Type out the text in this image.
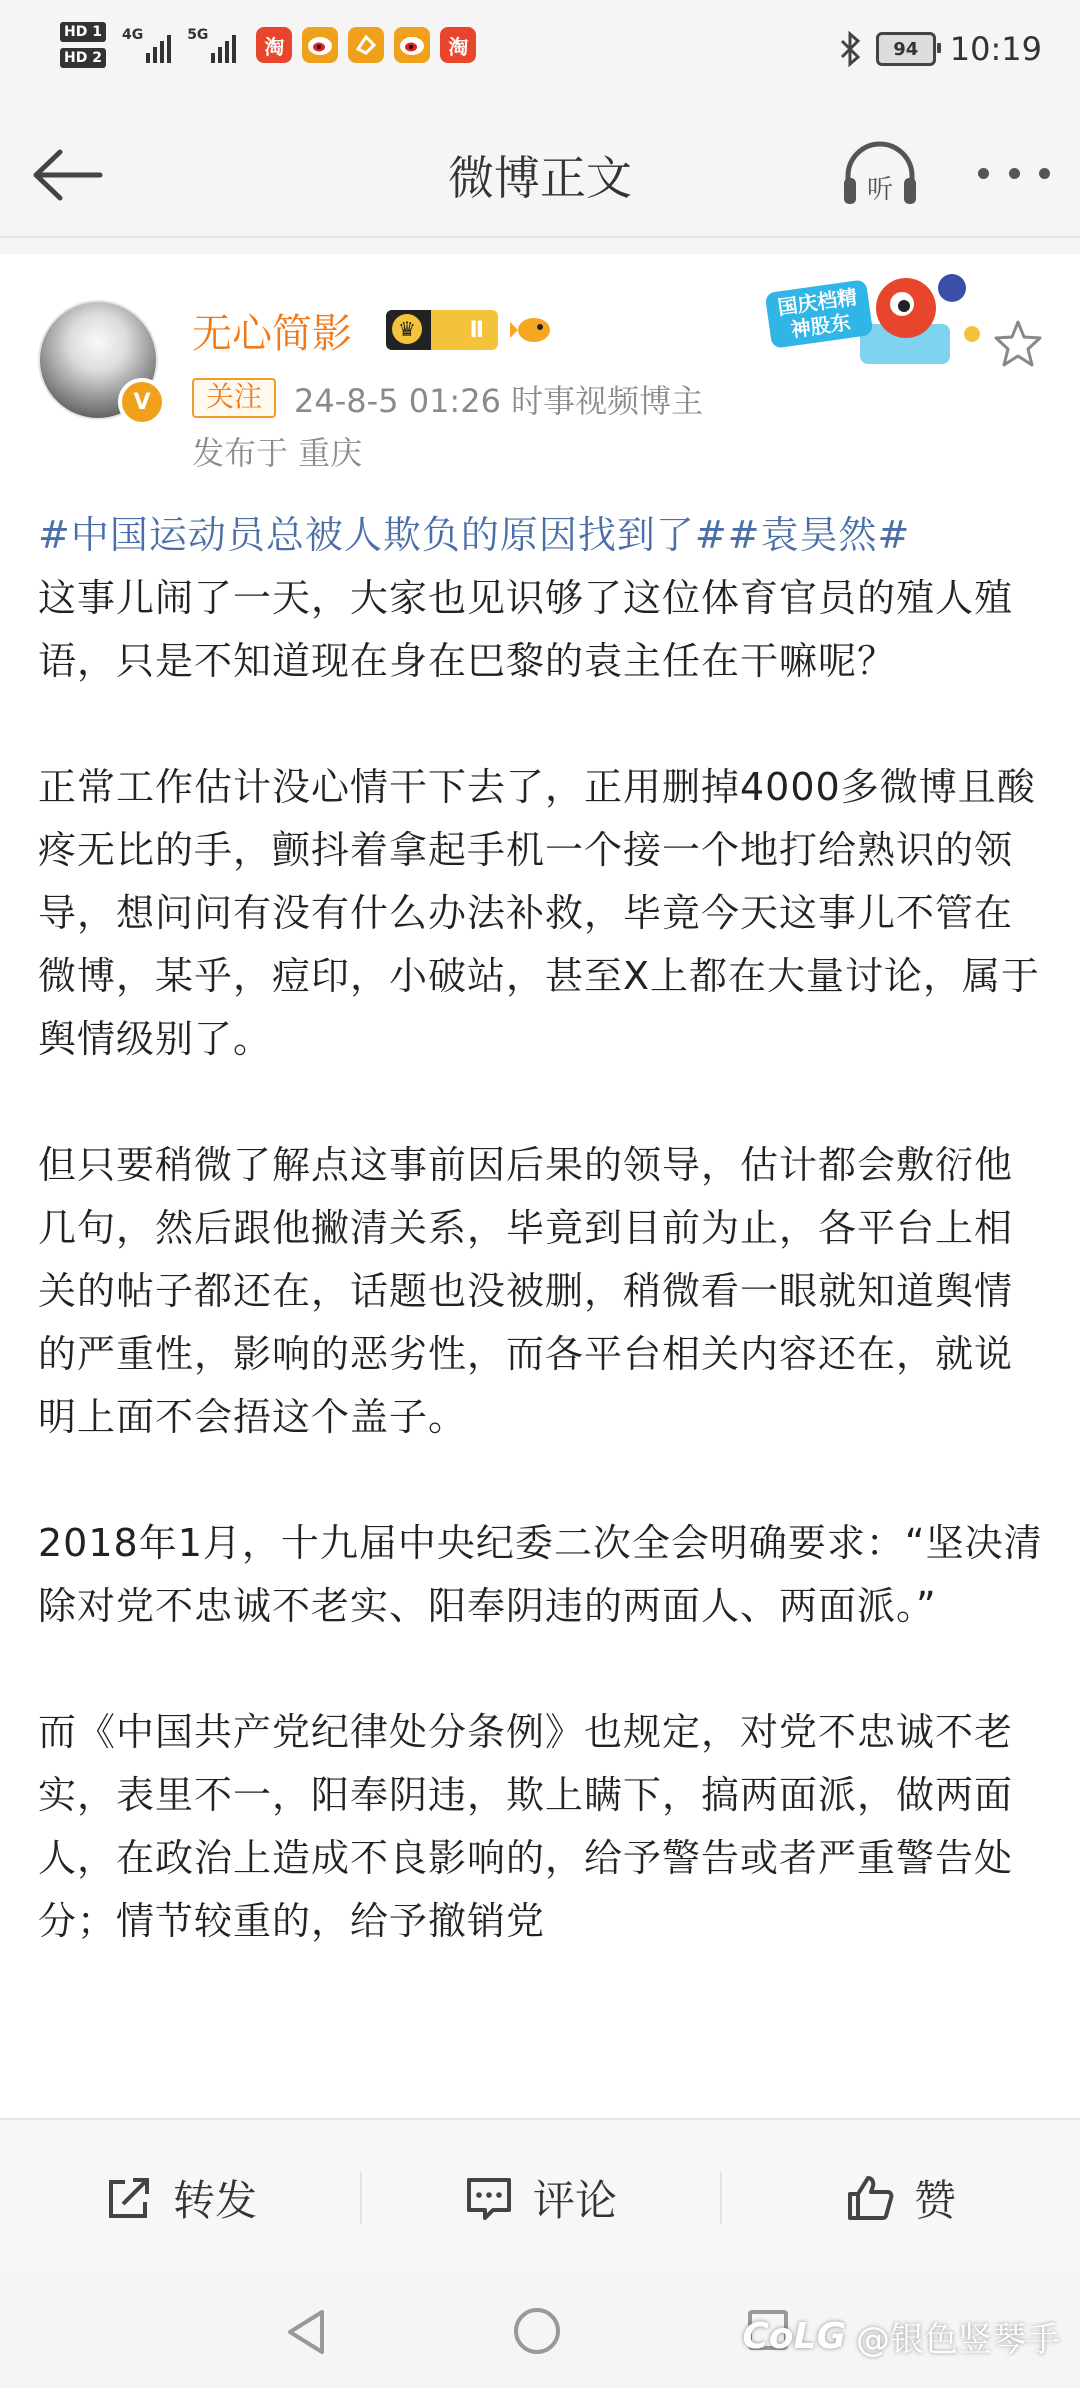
HD 1
HD 2
4G	5G	淘	淘	94 10:19
微博正文	听
V
无心简影	♛ Ⅱ
关注 24-8-5 01:26 时事视频博主
发布于 重庆
国庆档精神股东

#中国运动员总被人欺负的原因找到了##袁昊然#
这事儿闹了一天，大家也见识够了这位体育官员的殖人殖语，只是不知道现在身在巴黎的袁主任在干嘛呢？

正常工作估计没心情干下去了，正用删掉4000多微博且酸疼无比的手，颤抖着拿起手机一个接一个地打给熟识的领导，想问问有没有什么办法补救，毕竟今天这事儿不管在微博，某乎，痘印，小破站，甚至X上都在大量讨论，属于舆情级别了。

但只要稍微了解点这事前因后果的领导，估计都会敷衍他几句，然后跟他撇清关系，毕竟到目前为止，各平台上相关的帖子都还在，话题也没被删，稍微看一眼就知道舆情的严重性，影响的恶劣性，而各平台相关内容还在，就说明上面不会捂这个盖子。

2018年1月，十九届中央纪委二次全会明确要求：“坚决清除对党不忠诚不老实、阳奉阴违的两面人、两面派。”

而《中国共产党纪律处分条例》也规定，对党不忠诚不老实，表里不一，阳奉阴违，欺上瞒下，搞两面派，做两面人，在政治上造成不良影响的，给予警告或者严重警告处分；情节较重的，给予撤销党

转发	评论	赞
CoLG @银色竖琴手
